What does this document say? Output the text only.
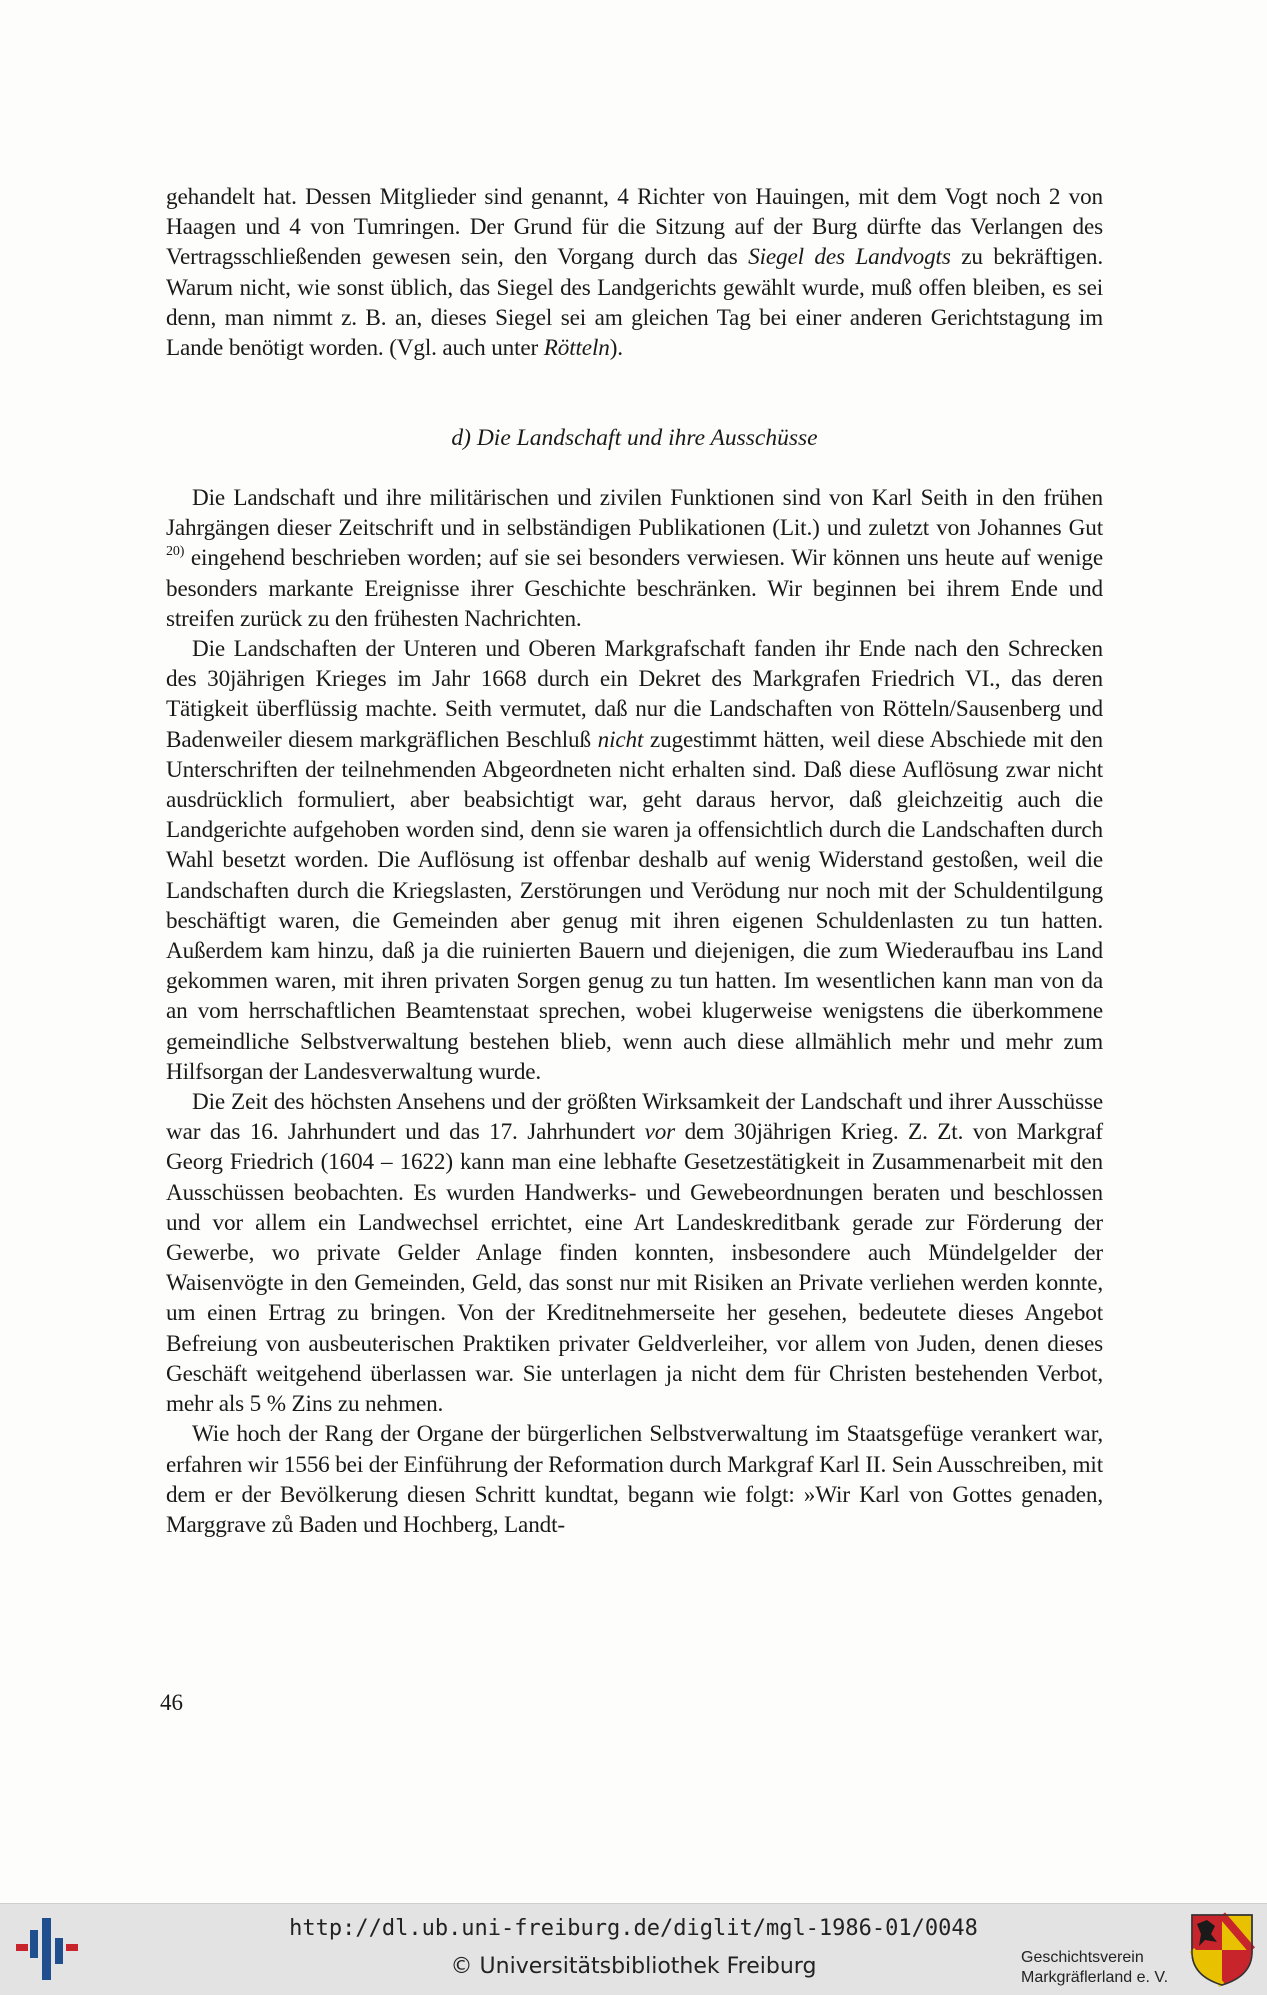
gehandelt hat. Dessen Mitglieder sind genannt, 4 Richter von Hauingen, mit dem Vogt noch 2 von Haagen und 4 von Tumringen. Der Grund für die Sitzung auf der Burg dürfte das Verlangen des Vertragsschließenden gewesen sein, den Vorgang durch das Siegel des Landvogts zu bekräftigen. Warum nicht, wie sonst üblich, das Siegel des Landgerichts gewählt wurde, muß offen bleiben, es sei denn, man nimmt z. B. an, dieses Siegel sei am gleichen Tag bei einer anderen Gerichtstagung im Lande benötigt worden. (Vgl. auch unter Rötteln).
d) Die Landschaft und ihre Ausschüsse

Die Landschaft und ihre militärischen und zivilen Funktionen sind von Karl Seith in den frühen Jahrgängen dieser Zeitschrift und in selbständigen Publikationen (Lit.) und zuletzt von Johannes Gut $^{20)}$ eingehend beschrieben worden; auf sie sei besonders verwiesen. Wir können uns heute auf wenige besonders markante Ereignisse ihrer Geschichte beschränken. Wir beginnen bei ihrem Ende und streifen zurück zu den frühesten Nachrichten.

Die Landschaften der Unteren und Oberen Markgrafschaft fanden ihr Ende nach den Schrecken des 30jährigen Krieges im Jahr 1668 durch ein Dekret des Markgrafen Friedrich VI., das deren Tätigkeit überflüssig machte. Seith vermutet, daß nur die Landschaften von Rötteln/Sausenberg und Badenweiler diesem markgräflichen Beschluß nicht zugestimmt hätten, weil diese Abschiede mit den Unterschriften der teilnehmenden Abgeordneten nicht erhalten sind. Daß diese Auflösung zwar nicht ausdrücklich formuliert, aber beabsichtigt war, geht daraus hervor, daß gleichzeitig auch die Landgerichte aufgehoben worden sind, denn sie waren ja offensichtlich durch die Landschaften durch Wahl besetzt worden. Die Auflösung ist offenbar deshalb auf wenig Widerstand gestoßen, weil die Landschaften durch die Kriegslasten, Zerstörungen und Verödung nur noch mit der Schuldentilgung beschäftigt waren, die Gemeinden aber genug mit ihren eigenen Schuldenlasten zu tun hatten. Außerdem kam hinzu, daß ja die ruinierten Bauern und diejenigen, die zum Wiederaufbau ins Land gekommen waren, mit ihren privaten Sorgen genug zu tun hatten. Im wesentlichen kann man von da an vom herrschaftlichen Beamtenstaat sprechen, wobei klugerweise wenigstens die überkommene gemeindliche Selbstverwaltung bestehen blieb, wenn auch diese allmählich mehr und mehr zum Hilfsorgan der Landesverwaltung wurde.

Die Zeit des höchsten Ansehens und der größten Wirksamkeit der Landschaft und ihrer Ausschüsse war das 16. Jahrhundert und das 17. Jahrhundert vor dem 30jährigen Krieg. Z. Zt. von Markgraf Georg Friedrich (1604 – 1622) kann man eine lebhafte Gesetzestätigkeit in Zusammenarbeit mit den Ausschüssen beobachten. Es wurden Handwerks- und Gewebeordnungen beraten und beschlossen und vor allem ein Landwechsel errichtet, eine Art Landeskreditbank gerade zur Förderung der Gewerbe, wo private Gelder Anlage finden konnten, insbesondere auch Mündelgelder der Waisenvögte in den Gemeinden, Geld, das sonst nur mit Risiken an Private verliehen werden konnte, um einen Ertrag zu bringen. Von der Kreditnehmerseite her gesehen, bedeutete dieses Angebot Befreiung von ausbeuterischen Praktiken privater Geldverleiher, vor allem von Juden, denen dieses Geschäft weitgehend überlassen war. Sie unterlagen ja nicht dem für Christen bestehenden Verbot, mehr als 5 % Zins zu nehmen.

Wie hoch der Rang der Organe der bürgerlichen Selbstverwaltung im Staatsgefüge verankert war, erfahren wir 1556 bei der Einführung der Reformation durch Markgraf Karl II. Sein Ausschreiben, mit dem er der Bevölkerung diesen Schritt kundtat, begann wie folgt: »Wir Karl von Gottes genaden, Marggrave zů Baden und Hochberg, Landt-

46
http://dl.ub.uni-freiburg.de/diglit/mgl-1986-01/0048
© Universitätsbibliothek Freiburg	Geschichtsverein
Markgräflerland e. V.
